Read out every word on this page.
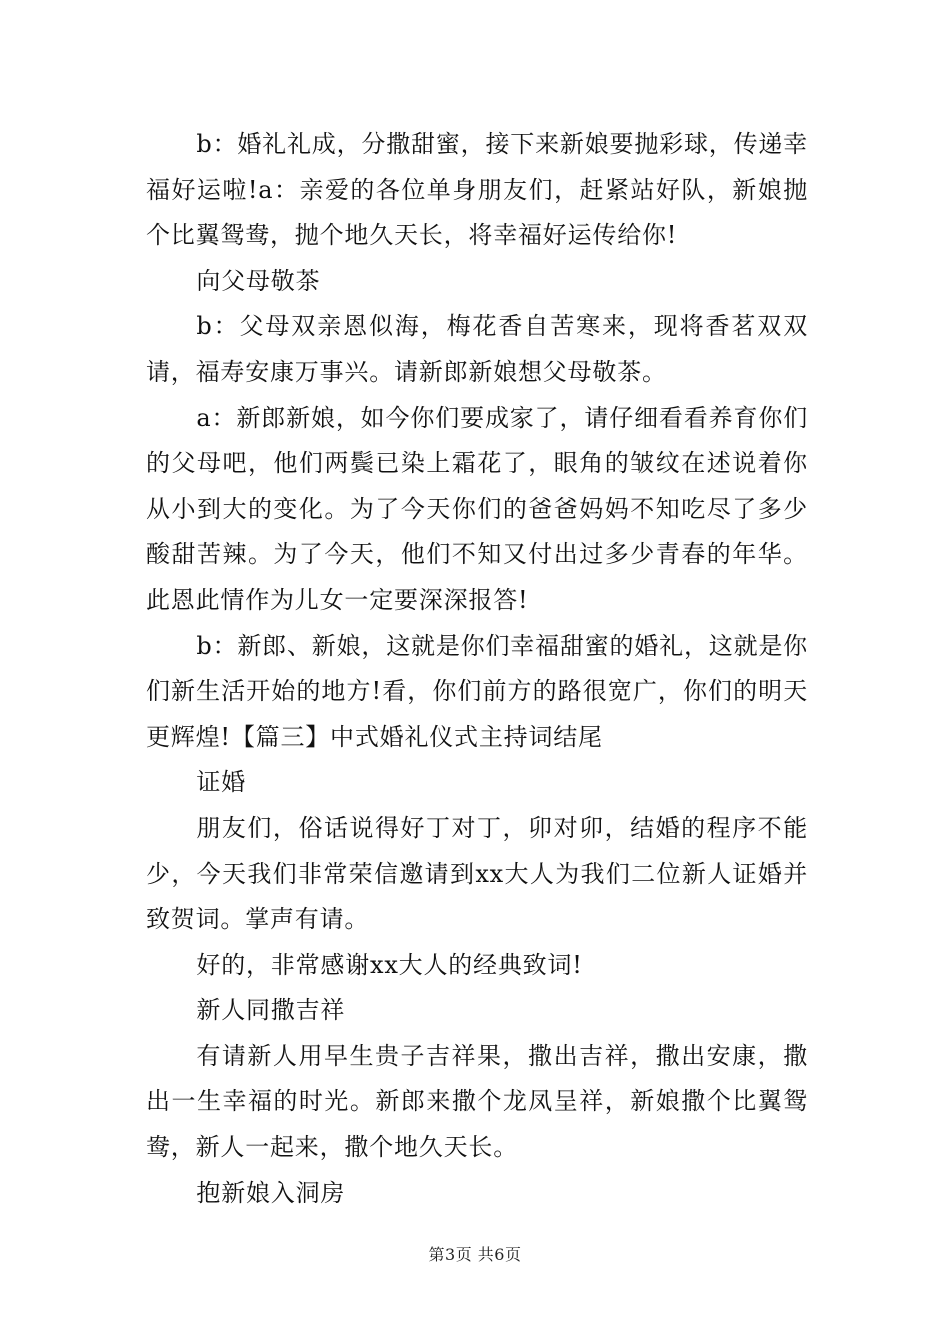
b：婚礼礼成，分撒甜蜜，接下来新娘要抛彩球，传递幸福好运啦!a：亲爱的各位单身朋友们，赶紧站好队，新娘抛个比翼鸳鸯，抛个地久天长，将幸福好运传给你!

向父母敬茶

b：父母双亲恩似海，梅花香自苦寒来，现将香茗双双请，福寿安康万事兴。请新郎新娘想父母敬茶。

a：新郎新娘，如今你们要成家了，请仔细看看养育你们的父母吧，他们两鬓已染上霜花了，眼角的皱纹在述说着你从小到大的变化。为了今天你们的爸爸妈妈不知吃尽了多少酸甜苦辣。为了今天，他们不知又付出过多少青春的年华。此恩此情作为儿女一定要深深报答!

b：新郎、新娘，这就是你们幸福甜蜜的婚礼，这就是你们新生活开始的地方!看，你们前方的路很宽广，你们的明天更辉煌!【篇三】中式婚礼仪式主持词结尾

证婚

朋友们，俗话说得好丁对丁，卯对卯，结婚的程序不能少，今天我们非常荣信邀请到xx大人为我们二位新人证婚并致贺词。掌声有请。

好的，非常感谢xx大人的经典致词!

新人同撒吉祥

有请新人用早生贵子吉祥果，撒出吉祥，撒出安康，撒出一生幸福的时光。新郎来撒个龙凤呈祥，新娘撒个比翼鸳鸯，新人一起来，撒个地久天长。

抱新娘入洞房

第3页 共6页
